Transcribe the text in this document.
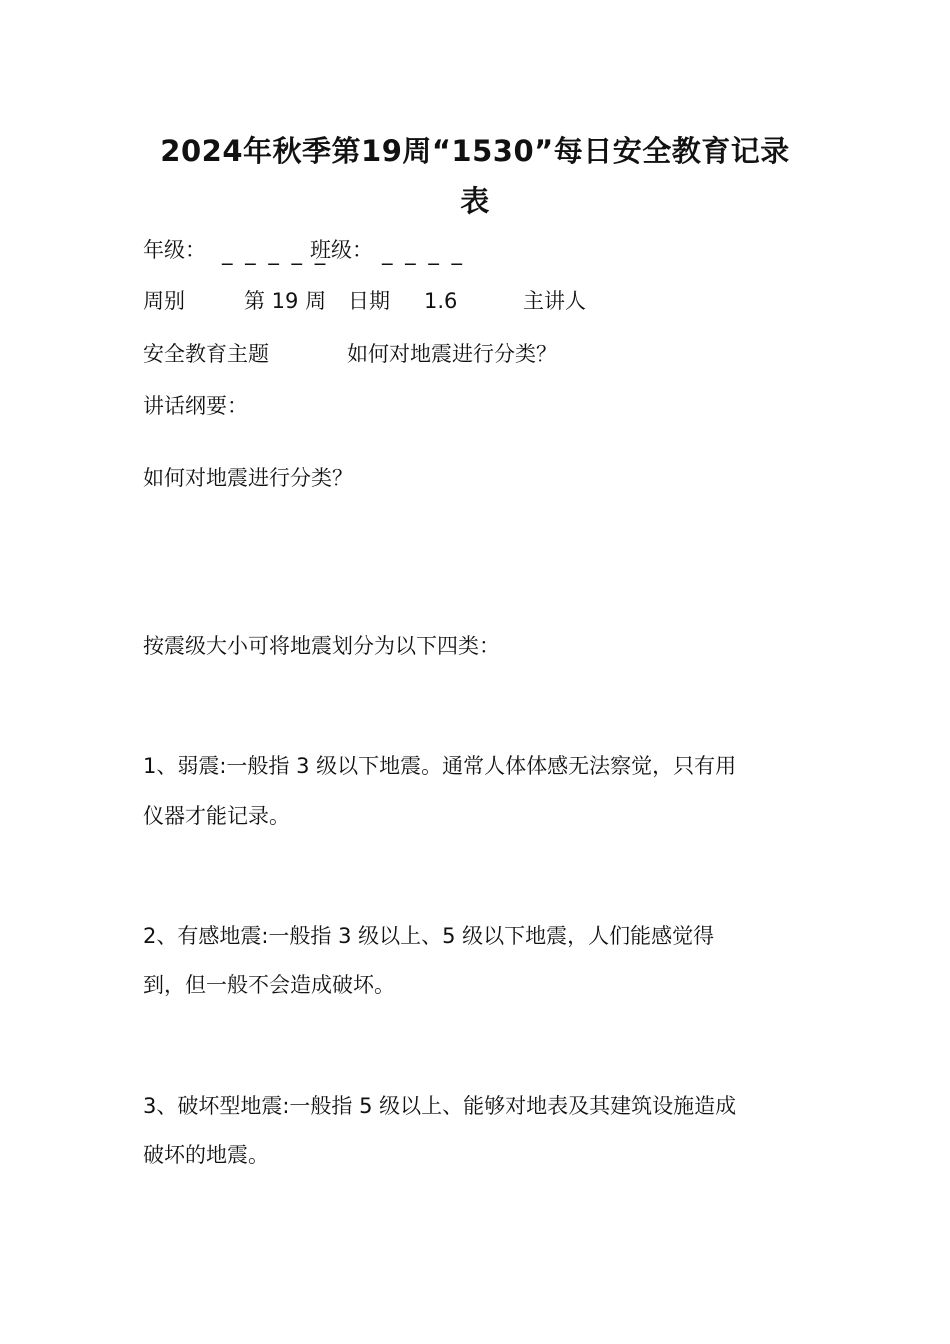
2024年秋季第19周“1530”每日安全教育记录
表
年级： _ _ _ _ _
班级： _ _ _ _
周别	第 19 周 日期 1.6	主讲人
安全教育主题	如何对地震进行分类？
讲话纲要：
如何对地震进行分类？
按震级大小可将地震划分为以下四类：
1、弱震:一般指 3 级以下地震。通常人体体感无法察觉，只有用
仪器才能记录。
2、有感地震:一般指 3 级以上、5 级以下地震，人们能感觉得
到，但一般不会造成破坏。
3、破坏型地震:一般指 5 级以上、能够对地表及其建筑设施造成
破坏的地震。
